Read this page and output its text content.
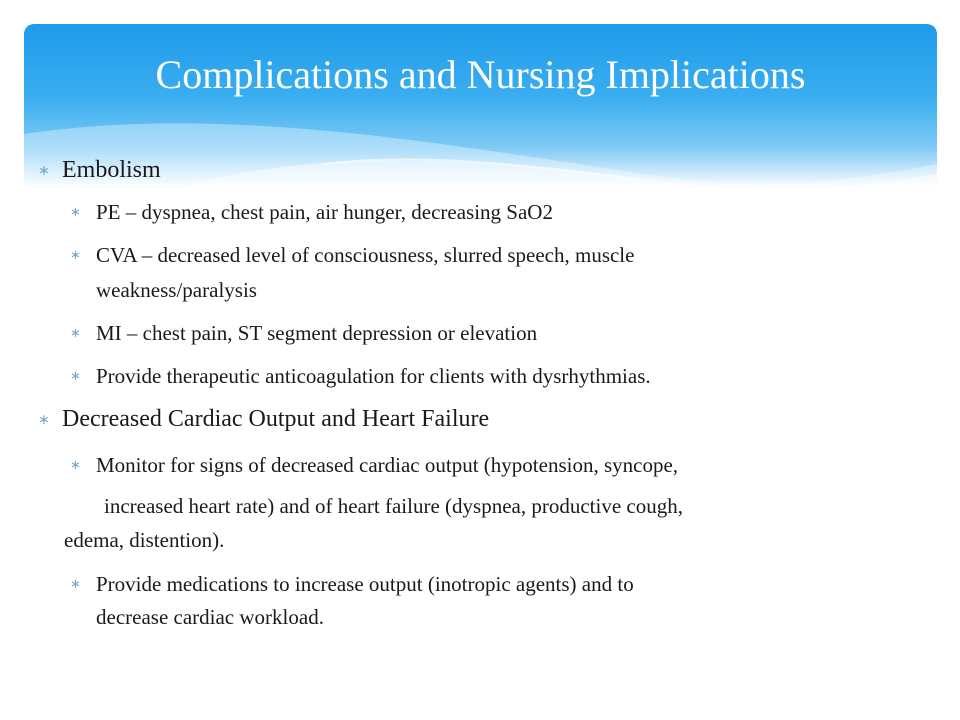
Complications and Nursing Implications
∗ Embolism
∗ PE – dyspnea, chest pain, air hunger, decreasing SaO2
∗ CVA – decreased level of consciousness, slurred speech, muscle
weakness/paralysis
∗ MI – chest pain, ST segment depression or elevation
∗ Provide therapeutic anticoagulation for clients with dysrhythmias.
∗ Decreased Cardiac Output and Heart Failure
∗ Monitor for signs of decreased cardiac output (hypotension, syncope,
increased heart rate) and of heart failure (dyspnea, productive cough,
edema, distention).
∗ Provide medications to increase output (inotropic agents) and to
decrease cardiac workload.
